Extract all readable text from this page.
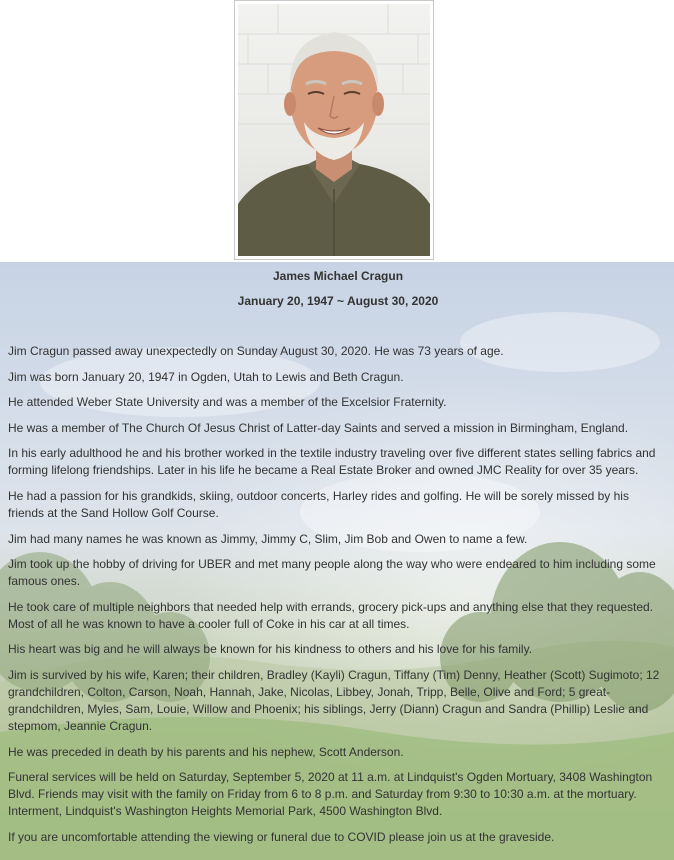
James Michael Cragun
January 20, 1947 ~ August 30, 2020

Jim Cragun passed away unexpectedly on Sunday August 30, 2020. He was 73 years of age.

Jim was born January 20, 1947 in Ogden, Utah to Lewis and Beth Cragun.

He attended Weber State University and was a member of the Excelsior Fraternity.

He was a member of The Church Of Jesus Christ of Latter-day Saints and served a mission in Birmingham, England.

In his early adulthood he and his brother worked in the textile industry traveling over five different states selling fabrics and forming lifelong friendships. Later in his life he became a Real Estate Broker and owned JMC Reality for over 35 years.

He had a passion for his grandkids, skiing, outdoor concerts, Harley rides and golfing. He will be sorely missed by his friends at the Sand Hollow Golf Course.

Jim had many names he was known as Jimmy, Jimmy C, Slim, Jim Bob and Owen to name a few.

Jim took up the hobby of driving for UBER and met many people along the way who were endeared to him including some famous ones.

He took care of multiple neighbors that needed help with errands, grocery pick-ups and anything else that they requested. Most of all he was known to have a cooler full of Coke in his car at all times.

His heart was big and he will always be known for his kindness to others and his love for his family.

Jim is survived by his wife, Karen; their children, Bradley (Kayli) Cragun, Tiffany (Tim) Denny, Heather (Scott) Sugimoto; 12 grandchildren, Colton, Carson, Noah, Hannah, Jake, Nicolas, Libbey, Jonah, Tripp, Belle, Olive and Ford; 5 great-grandchildren, Myles, Sam, Louie, Willow and Phoenix; his siblings, Jerry (Diann) Cragun and Sandra (Phillip) Leslie and stepmom, Jeannie Cragun.

He was preceded in death by his parents and his nephew, Scott Anderson.

Funeral services will be held on Saturday, September 5, 2020 at 11 a.m. at Lindquist's Ogden Mortuary, 3408 Washington Blvd. Friends may visit with the family on Friday from 6 to 8 p.m. and Saturday from 9:30 to 10:30 a.m. at the mortuary. Interment, Lindquist's Washington Heights Memorial Park, 4500 Washington Blvd.

If you are uncomfortable attending the viewing or funeral due to COVID please join us at the graveside.
